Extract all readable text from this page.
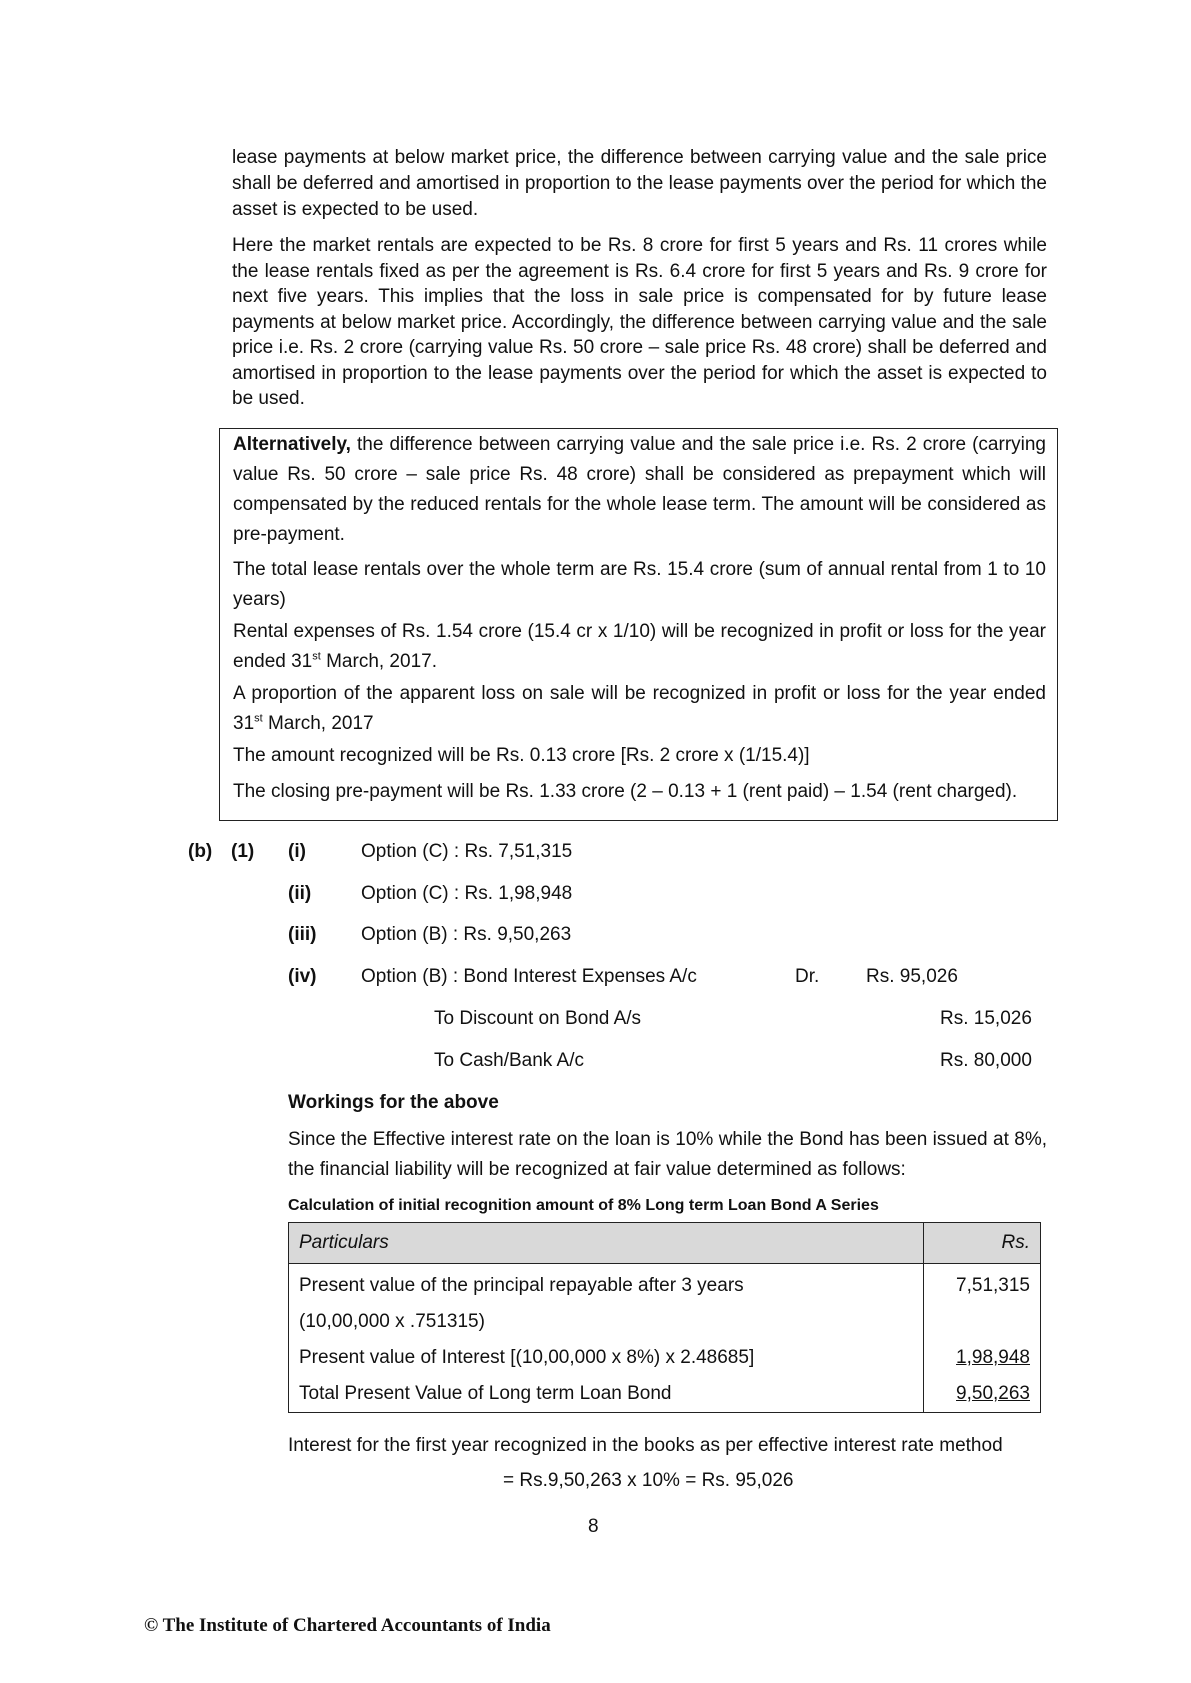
lease payments at below market price, the difference between carrying value and the sale price shall be deferred and amortised in proportion to the lease payments over the period for which the asset is expected to be used.

Here the market rentals are expected to be Rs. 8 crore for first 5 years and Rs. 11 crores while the lease rentals fixed as per the agreement is Rs. 6.4 crore for first 5 years and Rs. 9 crore for next five years. This implies that the loss in sale price is compensated for by future lease payments at below market price. Accordingly, the difference between carrying value and the sale price i.e. Rs. 2 crore (carrying value Rs. 50 crore – sale price Rs. 48 crore) shall be deferred and amortised in proportion to the lease payments over the period for which the asset is expected to be used.

Alternatively, the difference between carrying value and the sale price i.e. Rs. 2 crore (carrying value Rs. 50 crore – sale price Rs. 48 crore) shall be considered as prepayment which will compensated by the reduced rentals for the whole lease term. The amount will be considered as pre-payment.

The total lease rentals over the whole term are Rs. 15.4 crore (sum of annual rental from 1 to 10 years)

Rental expenses of Rs. 1.54 crore (15.4 cr x 1/10) will be recognized in profit or loss for the year ended 31st March, 2017.

A proportion of the apparent loss on sale will be recognized in profit or loss for the year ended 31st March, 2017

The amount recognized will be Rs. 0.13 crore [Rs. 2 crore x (1/15.4)]

The closing pre-payment will be Rs. 1.33 crore (2 – 0.13 + 1 (rent paid) – 1.54 (rent charged).

(b) (1) (i)	Option (C) : Rs. 7,51,315
(ii)	Option (C) : Rs. 1,98,948
(iii) Option (B) : Rs. 9,50,263
(iv) Option (B) : Bond Interest Expenses A/c	Dr. Rs. 95,026
To Discount on Bond A/s	Rs. 15,026
To Cash/Bank A/c	Rs. 80,000
Workings for the above

Since the Effective interest rate on the loan is 10% while the Bond has been issued at 8%, the financial liability will be recognized at fair value determined as follows:

Calculation of initial recognition amount of 8% Long term Loan Bond A Series
Particulars	Rs.
Present value of the principal repayable after 3 years	7,51,315
(10,00,000 x .751315)	
Present value of Interest [(10,00,000 x 8%) x 2.48685]	1,98,948
Total Present Value of Long term Loan Bond	9,50,263
Interest for the first year recognized in the books as per effective interest rate method
= Rs.9,50,263 x 10% = Rs. 95,026
8
© The Institute of Chartered Accountants of India
